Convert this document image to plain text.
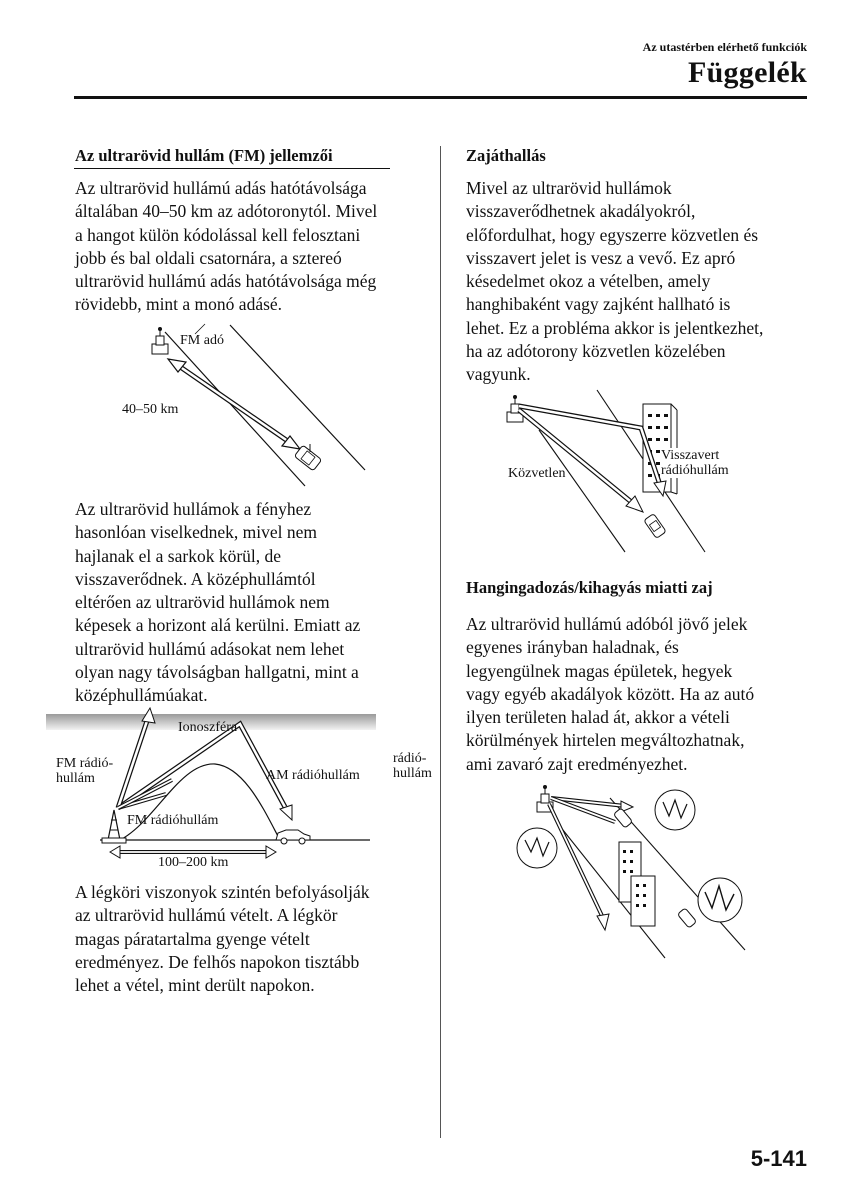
Az utastérben elérhető funkciók
Függelék
Az ultrarövid hullám (FM) jellemzői
Az ultrarövid hullámú adás hatótávolsága
általában 40–50 km az adótoronytól. Mivel
a hangot külön kódolással kell felosztani
jobb és bal oldali csatornára, a sztereó
ultrarövid hullámú adás hatótávolsága még
rövidebb, mint a monó adásé.
FM adó
40–50 km
Az ultrarövid hullámok a fényhez
hasonlóan viselkednek, mivel nem
hajlanak el a sarkok körül, de
visszaverődnek. A középhullámtól
eltérően az ultrarövid hullámok nem
képesek a horizont alá kerülni. Emiatt az
ultrarövid hullámú adásokat nem lehet
olyan nagy távolságban hallgatni, mint a
középhullámúakat.
Ionoszféra
FM rádió-
hullám	AM rádióhullám
rádió-
hullám
FM rádióhullám
100–200 km
A légköri viszonyok szintén befolyásolják
az ultrarövid hullámú vételt. A légkör
magas páratartalma gyenge vételt
eredményez. De felhős napokon tisztább
lehet a vétel, mint derült napokon.
Zajáthallás
Mivel az ultrarövid hullámok
visszaverődhetnek akadályokról,
előfordulhat, hogy egyszerre közvetlen és
visszavert jelet is vesz a vevő. Ez apró
késedelmet okoz a vételben, amely
hanghibaként vagy zajként hallható is
lehet. Ez a probléma akkor is jelentkezhet,
ha az adótorony közvetlen közelében
vagyunk.
Közvetlen
Visszavert
rádióhullám
Hangingadozás/kihagyás miatti zaj
Az ultrarövid hullámú adóból jövő jelek
egyenes irányban haladnak, és
legyengülnek magas épületek, hegyek
vagy egyéb akadályok között. Ha az autó
ilyen területen halad át, akkor a vételi
körülmények hirtelen megváltozhatnak,
ami zavaró zajt eredményezhet.
5-141
